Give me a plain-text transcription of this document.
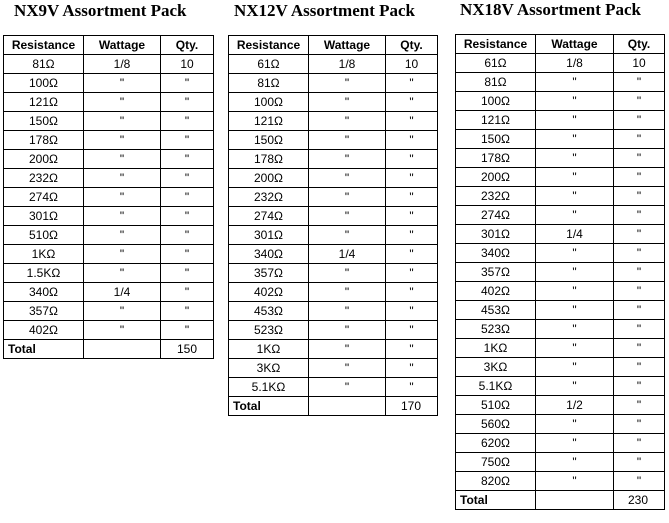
NX9V Assortment Pack
Resistance	Wattage	Qty.
81Ω	1/8	10
100Ω	"	"
121Ω	"	"
150Ω	"	"
178Ω	"	"
200Ω	"	"
232Ω	"	"
274Ω	"	"
301Ω	"	"
510Ω	"	"
1KΩ	"	"
1.5KΩ	"	"
340Ω	1/4	"
357Ω	"	"
402Ω	"	"
Total		150
NX12V Assortment Pack
Resistance	Wattage	Qty.
61Ω	1/8	10
81Ω	"	"
100Ω	"	"
121Ω	"	"
150Ω	"	"
178Ω	"	"
200Ω	"	"
232Ω	"	"
274Ω	"	"
301Ω	"	"
340Ω	1/4	"
357Ω	"	"
402Ω	"	"
453Ω	"	"
523Ω	"	"
1KΩ	"	"
3KΩ	"	"
5.1KΩ	"	"
Total		170
NX18V Assortment Pack
Resistance	Wattage	Qty.
61Ω	1/8	10
81Ω	"	"
100Ω	"	"
121Ω	"	"
150Ω	"	"
178Ω	"	"
200Ω	"	"
232Ω	"	"
274Ω	"	"
301Ω	1/4	"
340Ω	"	"
357Ω	"	"
402Ω	"	"
453Ω	"	"
523Ω	"	"
1KΩ	"	"
3KΩ	"	"
5.1KΩ	"	"
510Ω	1/2	"
560Ω	"	"
620Ω	"	"
750Ω	"	"
820Ω	"	"
Total		230
